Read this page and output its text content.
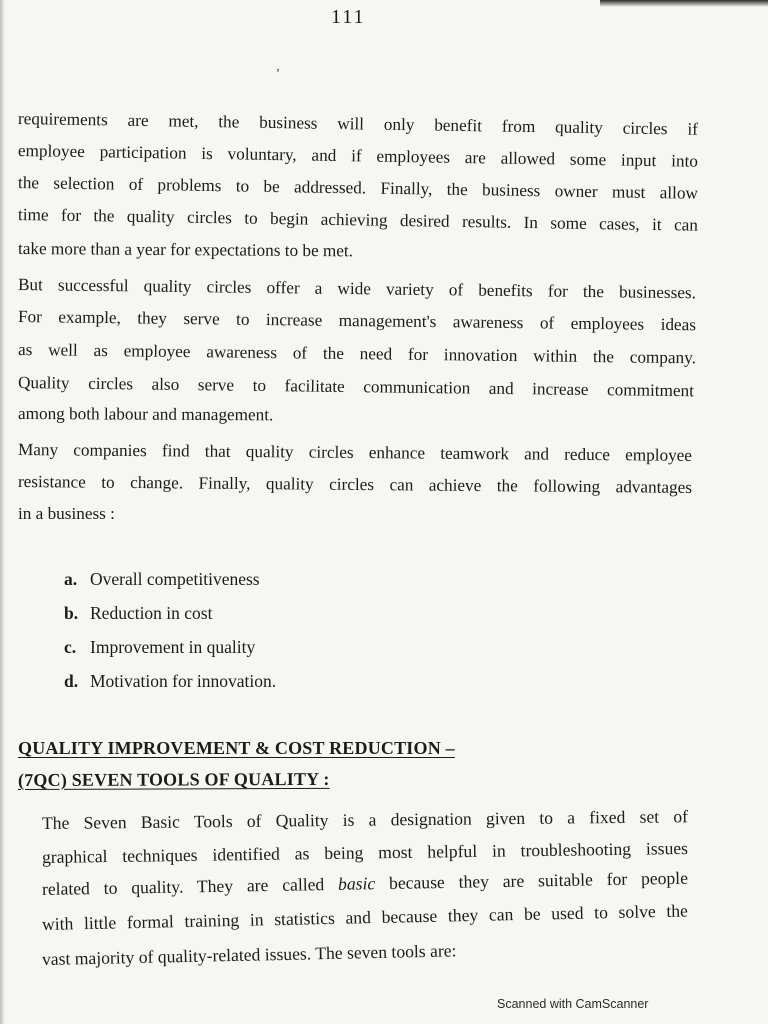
111
ʼ
requirements are met, the business will only benefit from quality circles if
employee participation is voluntary, and if employees are allowed some input into
the selection of problems to be addressed. Finally, the business owner must allow
time for the quality circles to begin achieving desired results. In some cases, it can
take more than a year for expectations to be met.
But successful quality circles offer a wide variety of benefits for the businesses.
For example, they serve to increase management's awareness of employees ideas
as well as employee awareness of the need for innovation within the company.
Quality circles also serve to facilitate communication and increase commitment
among both labour and management.
Many companies find that quality circles enhance teamwork and reduce employee
resistance to change. Finally, quality circles can achieve the following advantages
in a business :
a. Overall competitiveness
b. Reduction in cost
c. Improvement in quality
d. Motivation for innovation.
QUALITY IMPROVEMENT & COST REDUCTION –
(7QC) SEVEN TOOLS OF QUALITY :
The Seven Basic Tools of Quality is a designation given to a fixed set of
graphical techniques identified as being most helpful in troubleshooting issues
related to quality. They are called basic because they are suitable for people
with little formal training in statistics and because they can be used to solve the
vast majority of quality-related issues. The seven tools are:
Scanned with CamScanner
